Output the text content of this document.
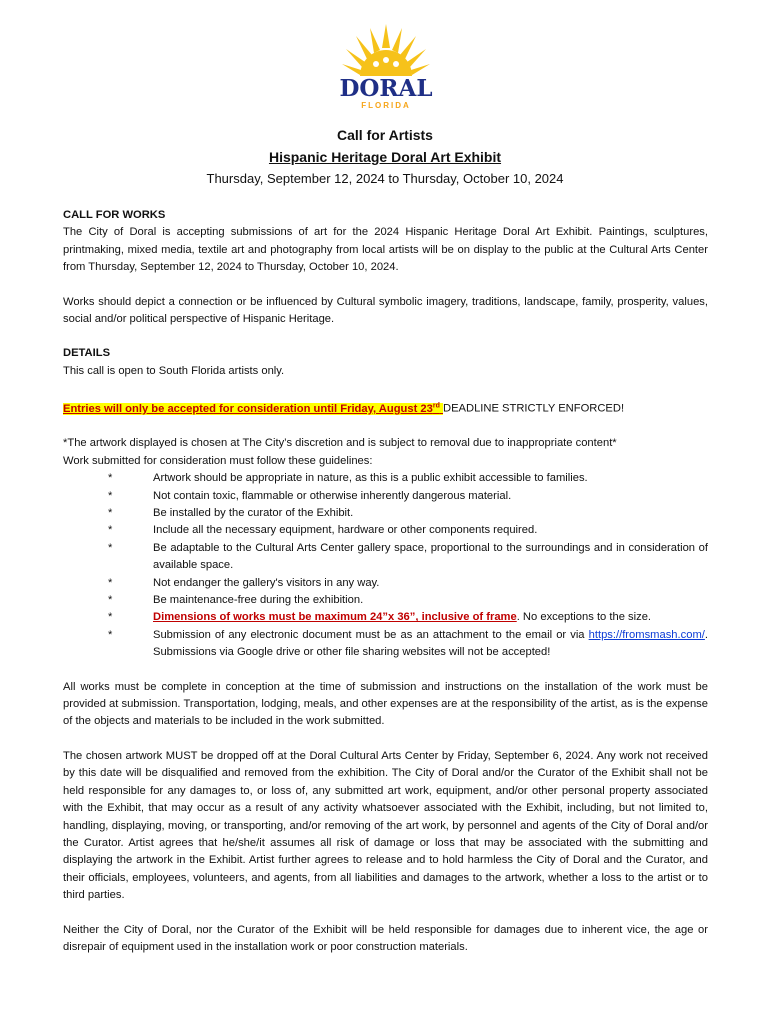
DORAL
FLORIDA
Call for Artists
Hispanic Heritage Doral Art Exhibit
Thursday, September 12, 2024 to Thursday, October 10, 2024

CALL FOR WORKS

The City of Doral is accepting submissions of art for the 2024 Hispanic Heritage Doral Art Exhibit. Paintings, sculptures, printmaking, mixed media, textile art and photography from local artists will be on display to the public at the Cultural Arts Center from Thursday, September 12, 2024 to Thursday, October 10, 2024.

Works should depict a connection or be influenced by Cultural symbolic imagery, traditions, landscape, family, prosperity, values, social and/or political perspective of Hispanic Heritage.

DETAILS

This call is open to South Florida artists only.

Entries will only be accepted for consideration until Friday, August 23rd DEADLINE STRICTLY ENFORCED!

*The artwork displayed is chosen at The City’s discretion and is subject to removal due to inappropriate content*

Work submitted for consideration must follow these guidelines:

*	Artwork should be appropriate in nature, as this is a public exhibit accessible to families.
*	Not contain toxic, flammable or otherwise inherently dangerous material.
*	Be installed by the curator of the Exhibit.
*	Include all the necessary equipment, hardware or other components required.
*	Be adaptable to the Cultural Arts Center gallery space, proportional to the surroundings and in consideration of available space.
*	Not endanger the gallery's visitors in any way.
*	Be maintenance-free during the exhibition.
*	Dimensions of works must be maximum 24”x 36”, inclusive of frame. No exceptions to the size.
*	Submission of any electronic document must be as an attachment to the email or via https://fromsmash.com/. Submissions via Google drive or other file sharing websites will not be accepted!

All works must be complete in conception at the time of submission and instructions on the installation of the work must be provided at submission. Transportation, lodging, meals, and other expenses are at the responsibility of the artist, as is the expense of the objects and materials to be included in the work submitted.

The chosen artwork MUST be dropped off at the Doral Cultural Arts Center by Friday, September 6, 2024. Any work not received by this date will be disqualified and removed from the exhibition. The City of Doral and/or the Curator of the Exhibit shall not be held responsible for any damages to, or loss of, any submitted art work, equipment, and/or other personal property associated with the Exhibit, that may occur as a result of any activity whatsoever associated with the Exhibit, including, but not limited to, handling, displaying, moving, or transporting, and/or removing of the art work, by personnel and agents of the City of Doral and/or the Curator. Artist agrees that he/she/it assumes all risk of damage or loss that may be associated with the submitting and displaying the artwork in the Exhibit. Artist further agrees to release and to hold harmless the City of Doral and the Curator, and their officials, employees, volunteers, and agents, from all liabilities and damages to the artwork, whether a loss to the artist or to third parties.

Neither the City of Doral, nor the Curator of the Exhibit will be held responsible for damages due to inherent vice, the age or disrepair of equipment used in the installation work or poor construction materials.
